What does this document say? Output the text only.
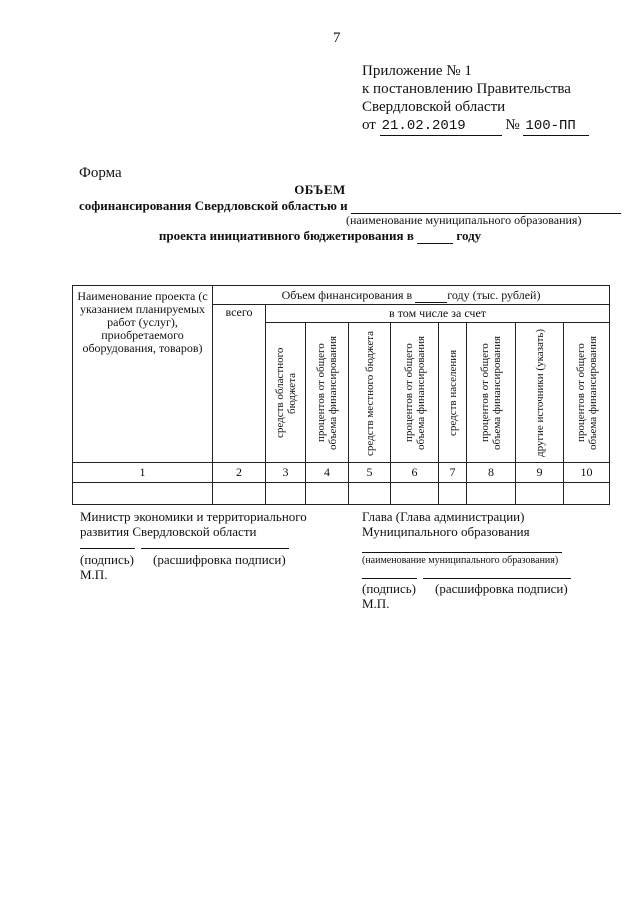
7
Приложение № 1
к постановлению Правительства
Свердловской области
от 21.02.2019	№ 100-ПП
Форма
ОБЪЕМ
софинансирования Свердловской областью и
(наименование муниципального образования)
проекта инициативного бюджетирования в	году
Наименование проекта (с указанием планируемых работ (услуг), приобретаемого оборудования, товаров)	Объем финансирования в году (тыс. рублей)								
	всего	в том числе за счет							

		средств областного бюджета	процентов от общего объема финансирования	средств местного бюджета	процентов от общего объема финансирования	средств населения	процентов от общего объема финансирования	другие источники (указать)	процентов от общего объема финансирования

1	2	3	4	5	6	7	8	9	10

Министр экономики и территориального
развития Свердловской области
(подпись) (расшифровка подписи)
М.П.
Глава (Глава администрации)
Муниципального образования
(наименование муниципального образования)
(подпись) (расшифровка подписи)
М.П.
